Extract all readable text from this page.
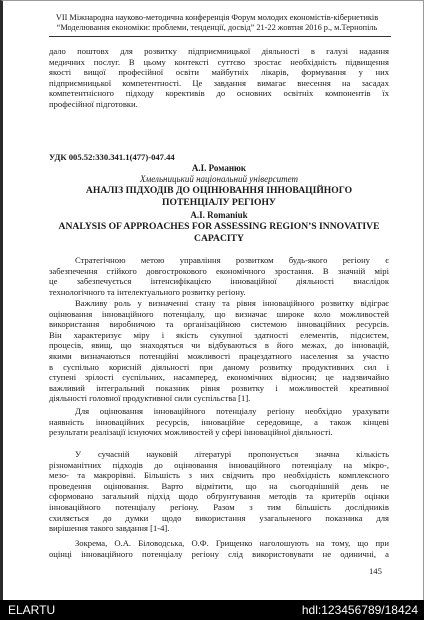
VII Міжнародна науково-методична конференція Форум молодих економістів-кібернетиків
“Моделювання економіки: проблеми, тенденції, досвід” 21-22 жовтня 2016 р., м.Тернопіль

дало поштовх для розвитку підприємницької діяльності в галузі надання

медичних послуг. В цьому контексті суттєво зростає необхідність підвищення

якості вищої професійної освіти майбутніх лікарів, формування у них

підприємницької компетентності. Це завдання вимагає внесення на засадах

компетентнісного підходу корективів до основних освітніх компонентів їх

професійної підготовки.

УДК 005.52:330.341.1(477)-047.44
А.І. Романюк
Хмельницький національний університет
АНАЛІЗ ПІДХОДІВ ДО ОЦІНЮВАННЯ ІННОВАЦІЙНОГО
ПОТЕНЦІАЛУ РЕГІОНУ
A.I. Romaniuk
ANALYSIS OF APPROACHES FOR ASSESSING REGION’S INNOVATIVE
CAPACITY

Стратегічною метою управління розвитком будь-якого регіону є

забезпечення стійкого довгострокового економічного зростання. В значній мірі

це забезпечується інтенсифікацією інноваційної діяльності внаслідок

технологічного та інтелектуального розвитку регіону.

Важливу роль у визначенні стану та рівня інноваційного розвитку відіграє

оцінювання інноваційного потенціалу, що визначає широке коло можливостей

використання виробничою та організаційною системою інноваційних ресурсів.

Він характеризує міру і якість сукупної здатності елементів, підсистем,

процесів, явищ, що знаходяться чи відбуваються в його межах, до інновацій,

якими визначаються потенційні можливості працездатного населення за участю

в суспільно корисній діяльності при даному розвитку продуктивних сил і

ступені зрілості суспільних, насамперед, економічних відносин; це надзвичайно

важливий інтегральний показник рівня розвитку і можливостей креативної

діяльності головної продуктивної сили суспільства [1].

Для оцінювання інноваційного потенціалу регіону необхідно урахувати

наявність інноваційних ресурсів, інноваційне середовище, а також кінцеві

результати реалізації існуючих можливостей у сфері інноваційної діяльності.

У сучасній науковій літературі пропонується значна кількість

різноманітних підходів до оцінювання інноваційного потенціалу на мікро-,

мезо- та макрорівні. Більшість з них свідчить про необхідність комплексного

проведення оцінювання. Варто відмітити, що на сьогоднішній день не

сформовано загальний підхід щодо обґрунтування методів та критеріїв оцінки

інноваційного потенціалу регіону. Разом з тим більшість дослідників

схиляється до думки щодо використання узагальненого показника для

вирішення такого завдання [1-4].

Зокрема, О.А. Біловодська, О.Ф. Грищенко наголошують на тому, що при

оцінці інноваційного потенціалу регіону слід використовувати не одиничні, а

145
ELARTU	hdl:123456789/18424
